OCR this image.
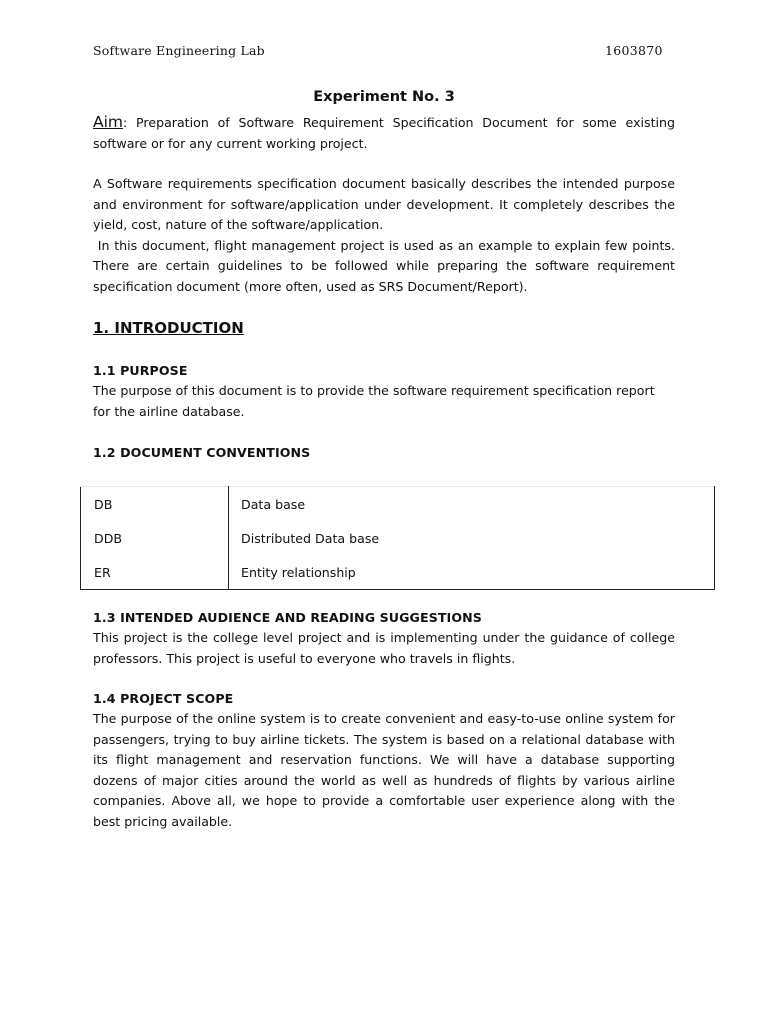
Software Engineering Lab	1603870
Experiment No. 3
Aim: Preparation of Software Requirement Specification Document for some existing software or for any current working project.
A Software requirements specification document basically describes the intended purpose and environment for software/application under development. It completely describes the yield, cost, nature of the software/application.
In this document, flight management project is used as an example to explain few points. There are certain guidelines to be followed while preparing the software requirement specification document (more often, used as SRS Document/Report).
1. INTRODUCTION
1.1 PURPOSE
The purpose of this document is to provide the software requirement specification report for the airline database.
1.2 DOCUMENT CONVENTIONS
DB	Data base
DDB	Distributed Data base
ER	Entity relationship
1.3 INTENDED AUDIENCE AND READING SUGGESTIONS
This project is the college level project and is implementing under the guidance of college professors. This project is useful to everyone who travels in flights.
1.4 PROJECT SCOPE
The purpose of the online system is to create convenient and easy-to-use online system for passengers, trying to buy airline tickets. The system is based on a relational database with its flight management and reservation functions. We will have a database supporting dozens of major cities around the world as well as hundreds of flights by various airline companies. Above all, we hope to provide a comfortable user experience along with the best pricing available.
